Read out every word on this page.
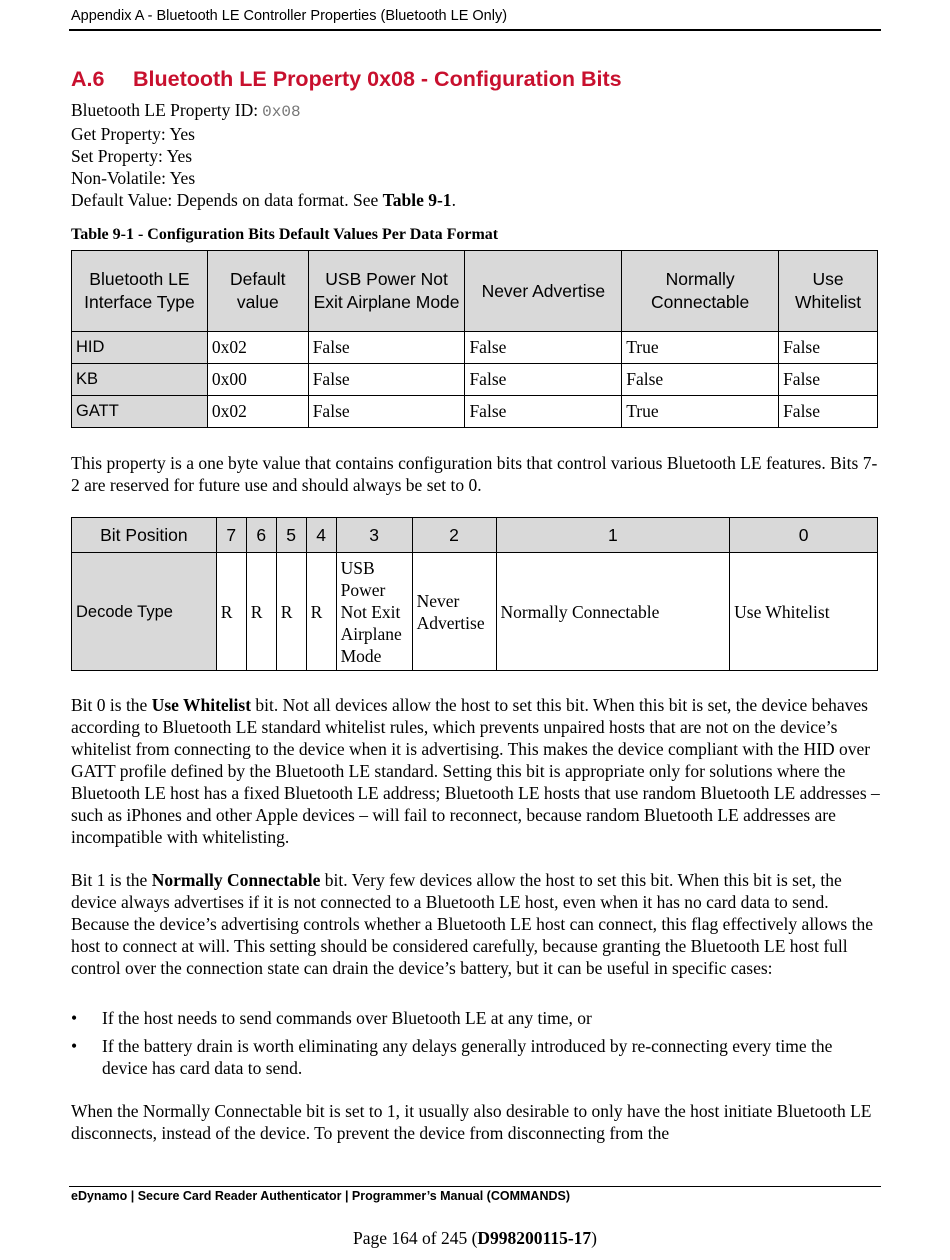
Appendix A - Bluetooth LE Controller Properties (Bluetooth LE Only)
A.6 Bluetooth LE Property 0x08 - Configuration Bits
Bluetooth LE Property ID: 0x08
Get Property: Yes
Set Property: Yes
Non-Volatile: Yes
Default Value: Depends on data format. See Table 9-1.
Table 9-1 - Configuration Bits Default Values Per Data Format
Bluetooth LE Interface Type	Default value	USB Power Not Exit Airplane Mode	Never Advertise	Normally Connectable	Use Whitelist
HID	0x02	False	False	True	False
KB	0x00	False	False	False	False
GATT	0x02	False	False	True	False
This property is a one byte value that contains configuration bits that control various Bluetooth LE features. Bits 7-2 are reserved for future use and should always be set to 0.
Bit Position	7	6	5	4	3	2	1	0
Decode Type	R	R	R	R	USB Power Not Exit Airplane Mode	Never Advertise	Normally Connectable	Use Whitelist
Bit 0 is the Use Whitelist bit. Not all devices allow the host to set this bit. When this bit is set, the device behaves according to Bluetooth LE standard whitelist rules, which prevents unpaired hosts that are not on the device’s whitelist from connecting to the device when it is advertising. This makes the device compliant with the HID over GATT profile defined by the Bluetooth LE standard. Setting this bit is appropriate only for solutions where the Bluetooth LE host has a fixed Bluetooth LE address; Bluetooth LE hosts that use random Bluetooth LE addresses – such as iPhones and other Apple devices – will fail to reconnect, because random Bluetooth LE addresses are incompatible with whitelisting.
Bit 1 is the Normally Connectable bit. Very few devices allow the host to set this bit. When this bit is set, the device always advertises if it is not connected to a Bluetooth LE host, even when it has no card data to send. Because the device’s advertising controls whether a Bluetooth LE host can connect, this flag effectively allows the host to connect at will. This setting should be considered carefully, because granting the Bluetooth LE host full control over the connection state can drain the device’s battery, but it can be useful in specific cases:
• If the host needs to send commands over Bluetooth LE at any time, or
• If the battery drain is worth eliminating any delays generally introduced by re-connecting every time the device has card data to send.
When the Normally Connectable bit is set to 1, it usually also desirable to only have the host initiate Bluetooth LE disconnects, instead of the device. To prevent the device from disconnecting from the
eDynamo | Secure Card Reader Authenticator | Programmer’s Manual (COMMANDS)
Page 164 of 245 (D998200115-17)
